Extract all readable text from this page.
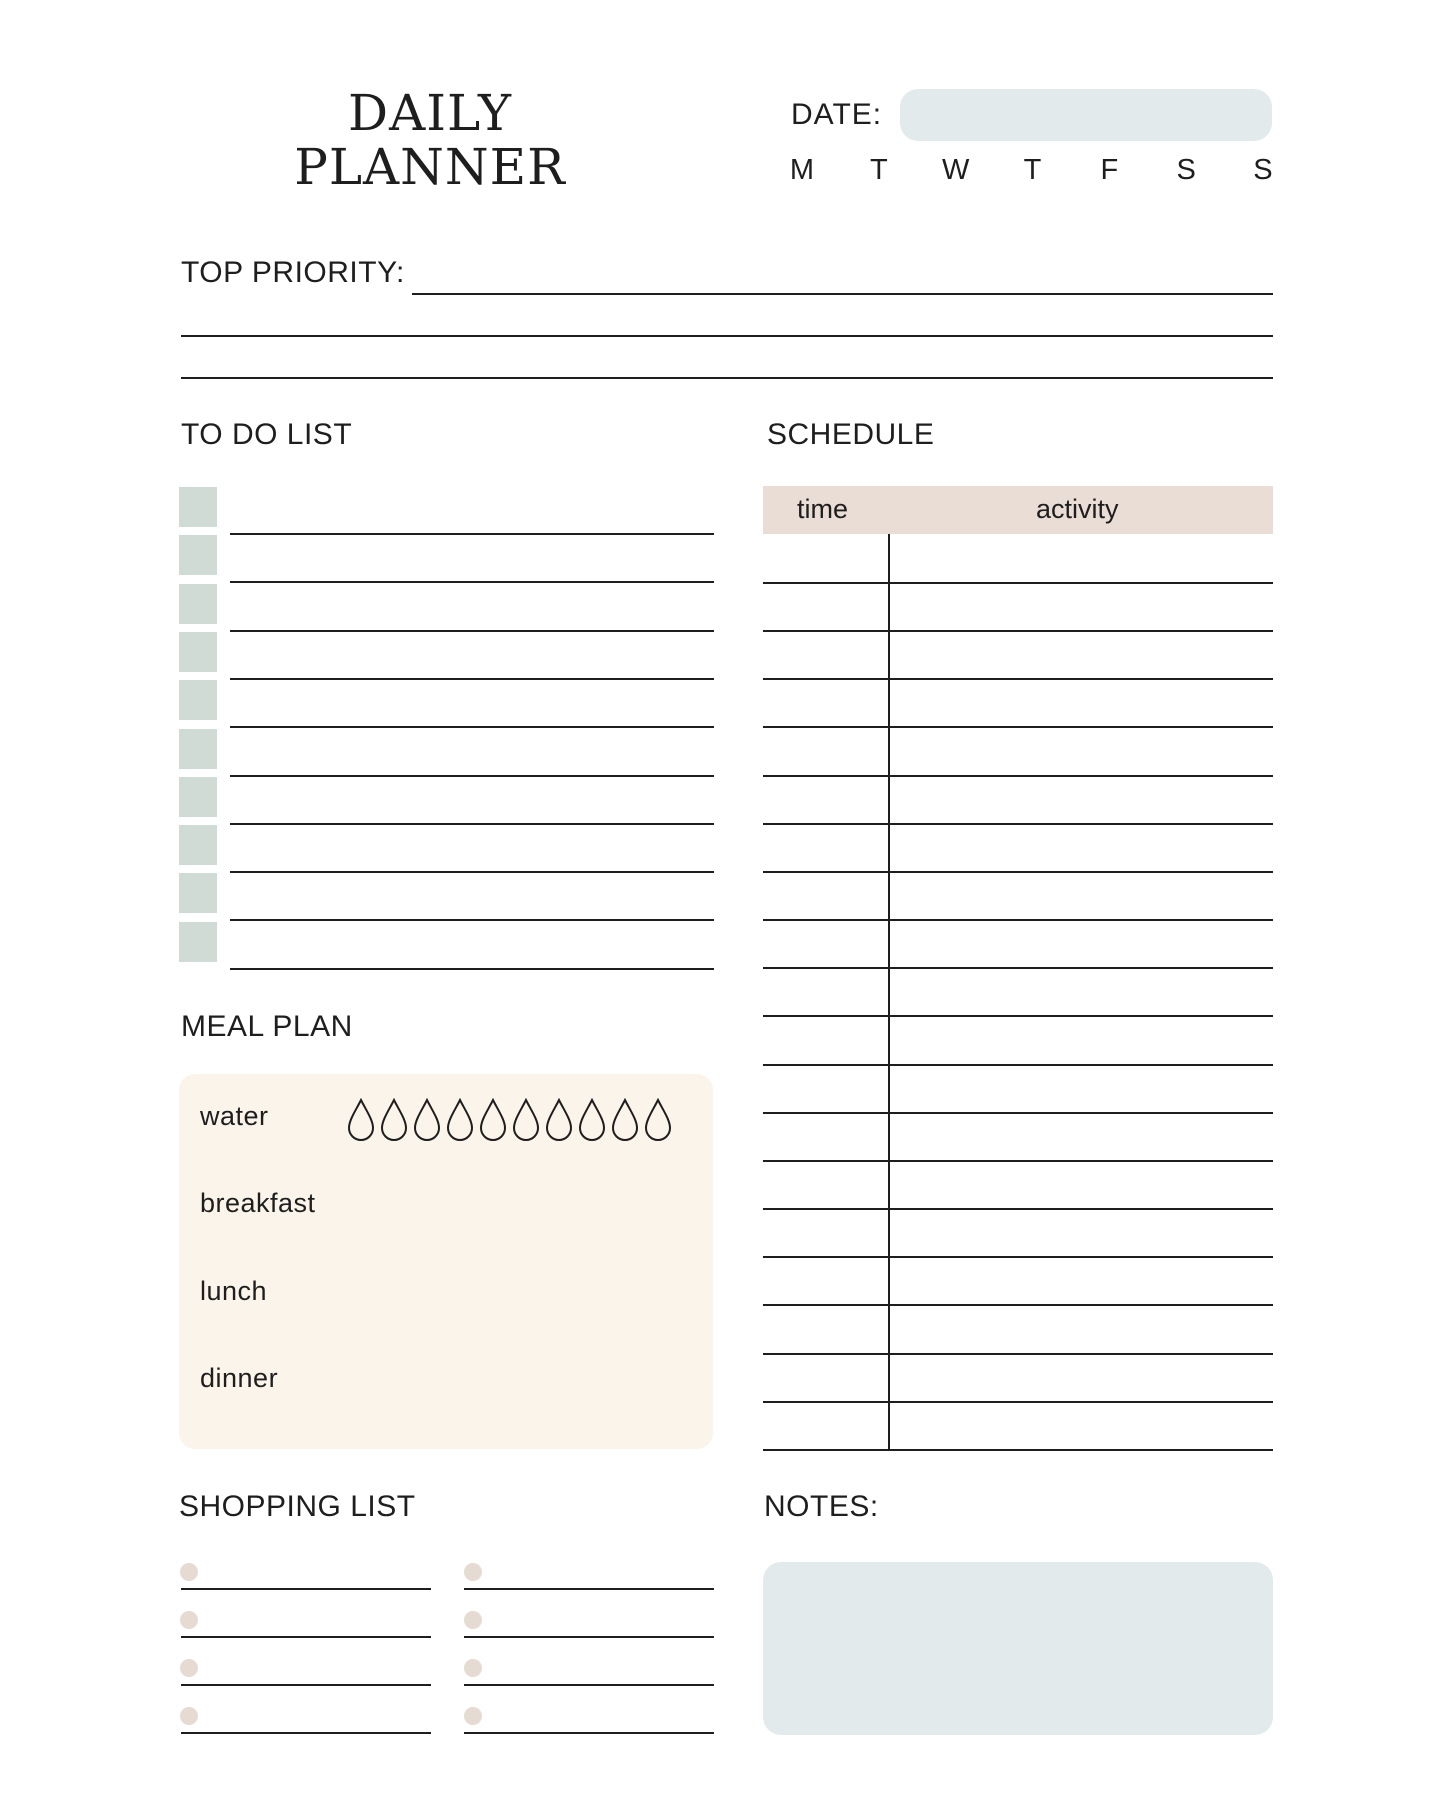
DAILY
PLANNER
DATE:
M	T	W	T	F	S	S
TOP PRIORITY:
TO DO LIST	SCHEDULE
time	activity
MEAL PLAN
water
breakfast
lunch
dinner
SHOPPING LIST	NOTES:
